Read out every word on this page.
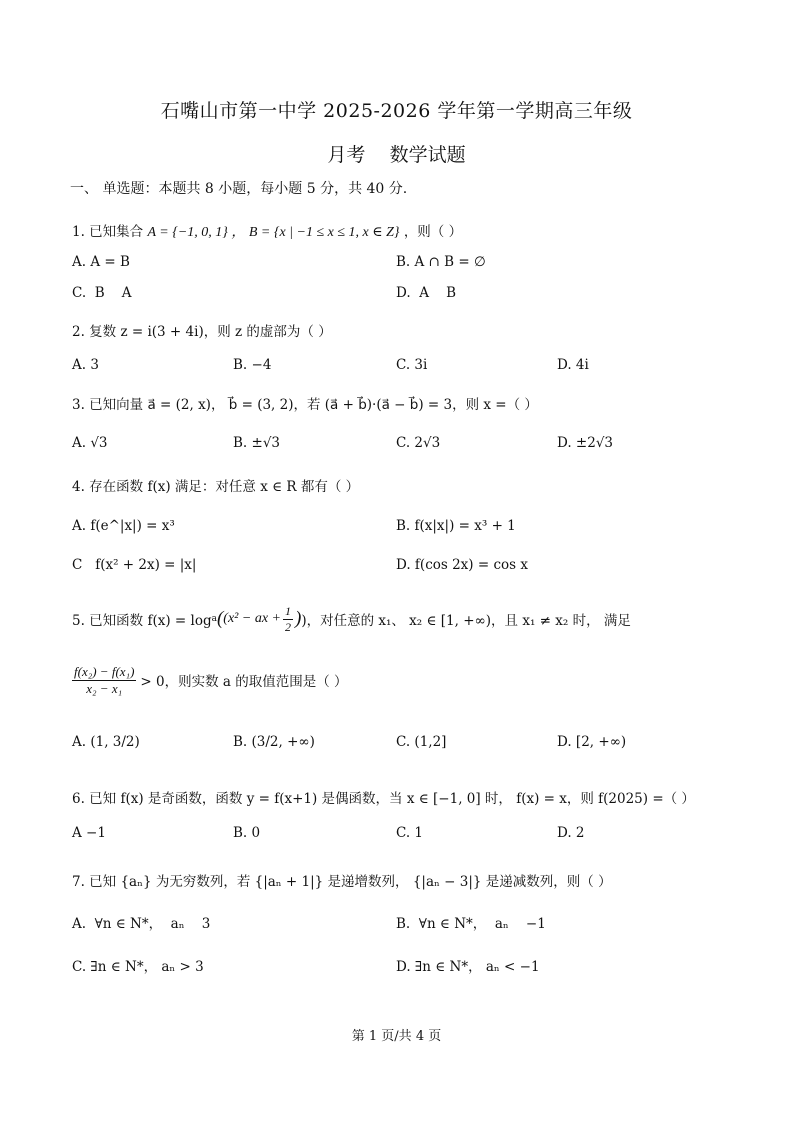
石嘴山市第一中学 2025-2026 学年第一学期高三年级
月考    数学试题
一、 单选题：本题共 8 小题，每小题 5 分，共 40 分.
1. 已知集合 A = {−1, 0, 1} ， B = {x | −1 ≤ x ≤ 1, x ∈ Z} ，则（ ）
A. A = B	B. A ∩ B = ∅
C.  B    A	D.  A    B
2. 复数 z = i(3 + 4i)，则 z 的虚部为（ ）
A. 3	B. −4	C. 3i	D. 4i
3. 已知向量 a⃗ = (2, x)， b⃗ = (3, 2)，若 (a⃗ + b⃗)·(a⃗ − b⃗) = 3，则 x =（ ）
A. √3	B. ±√3	C. 2√3	D. ±2√3
4. 存在函数 f(x) 满足：对任意 x ∈ R 都有（ ）
A. f(e^|x|) = x³	B. f(x|x|) = x³ + 1
C   f(x² + 2x) = |x|	D. f(cos 2x) = cos x
5. 已知函数 f(x) = log a ( (x² − ax + $\frac{1}{2}$ ) )，对任意的 x₁、 x₂ ∈ [1, +∞)，且 x₁ ≠ x₂ 时， 满足
$\frac{\text{f(x₂) − f(x₁)}}{\text{x₂ − x₁}} > 0$，则实数 a 的取值范围是（ ）
A. (1, 3/2)	B. (3/2, +∞)	C. (1,2]	D. [2, +∞)
6. 已知 f(x) 是奇函数，函数 y = f(x+1) 是偶函数，当 x ∈ [−1, 0] 时， f(x) = x，则 f(2025) =（ ）
A −1	B. 0	C. 1	D. 2
7. 已知 {aₙ} 为无穷数列，若 {|aₙ + 1|} 是递增数列， {|aₙ − 3|} 是递减数列，则（ ）
A.  ∀n ∈ N*，  aₙ    3	B.  ∀n ∈ N*，  aₙ    −1
C. ∃n ∈ N*， aₙ > 3	D. ∃n ∈ N*， aₙ < −1
第 1 页/共 4 页
